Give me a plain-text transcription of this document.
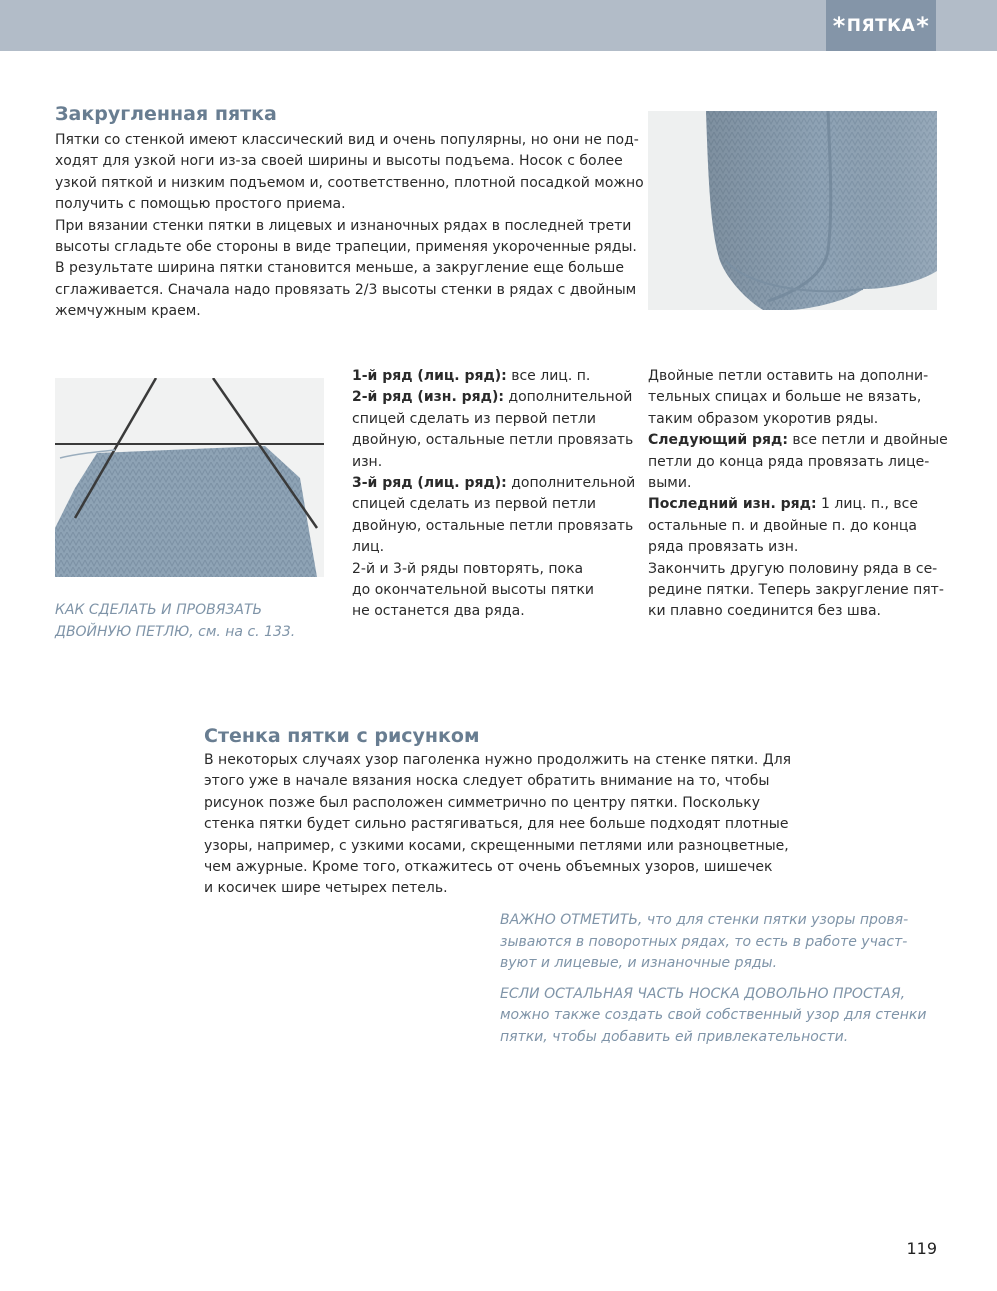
* ПЯТКА *
Закругленная пятка

Пятки со стенкой имеют классический вид и очень популярны, но они не под-

ходят для узкой ноги из-за своей ширины и высоты подъема. Носок с более

узкой пяткой и низким подъемом и, соответственно, плотной посадкой можно

получить с помощью простого приема.

При вязании стенки пятки в лицевых и изнаночных рядах в последней трети

высоты сгладьте обе стороны в виде трапеции, применяя укороченные ряды.

В результате ширина пятки становится меньше, а закругление еще больше

сглаживается. Сначала надо провязать 2/3 высоты стенки в рядах с двойным

жемчужным краем.

КАК СДЕЛАТЬ И ПРОВЯЗАТЬ
ДВОЙНУЮ ПЕТЛЮ, см. на с. 133.

1-й ряд (лиц. ряд): все лиц. п.

2-й ряд (изн. ряд): дополнительной

спицей сделать из первой петли

двойную, остальные петли провязать

изн.

3-й ряд (лиц. ряд): дополнительной

спицей сделать из первой петли

двойную, остальные петли провязать

лиц.

2-й и 3-й ряды повторять, пока

до окончательной высоты пятки

не останется два ряда.

Двойные петли оставить на дополни-

тельных спицах и больше не вязать,

таким образом укоротив ряды.

Следующий ряд: все петли и двойные

петли до конца ряда провязать лице-

выми.

Последний изн. ряд: 1 лиц. п., все

остальные п. и двойные п. до конца

ряда провязать изн.

Закончить другую половину ряда в се-

редине пятки. Теперь закругление пят-

ки плавно соединится без шва.

Стенка пятки с рисунком

В некоторых случаях узор паголенка нужно продолжить на стенке пятки. Для

этого уже в начале вязания носка следует обратить внимание на то, чтобы

рисунок позже был расположен симметрично по центру пятки. Поскольку

стенка пятки будет сильно растягиваться, для нее больше подходят плотные

узоры, например, с узкими косами, скрещенными петлями или разноцветные,

чем ажурные. Кроме того, откажитесь от очень объемных узоров, шишечек

и косичек шире четырех петель.

ВАЖНО ОТМЕТИТЬ, что для стенки пятки узоры провя-
зываются в поворотных рядах, то есть в работе участ-
вуют и лицевые, и изнаночные ряды.
ЕСЛИ ОСТАЛЬНАЯ ЧАСТЬ НОСКА ДОВОЛЬНО ПРОСТАЯ,
можно также создать свой собственный узор для стенки
пятки, чтобы добавить ей привлекательности.
119
